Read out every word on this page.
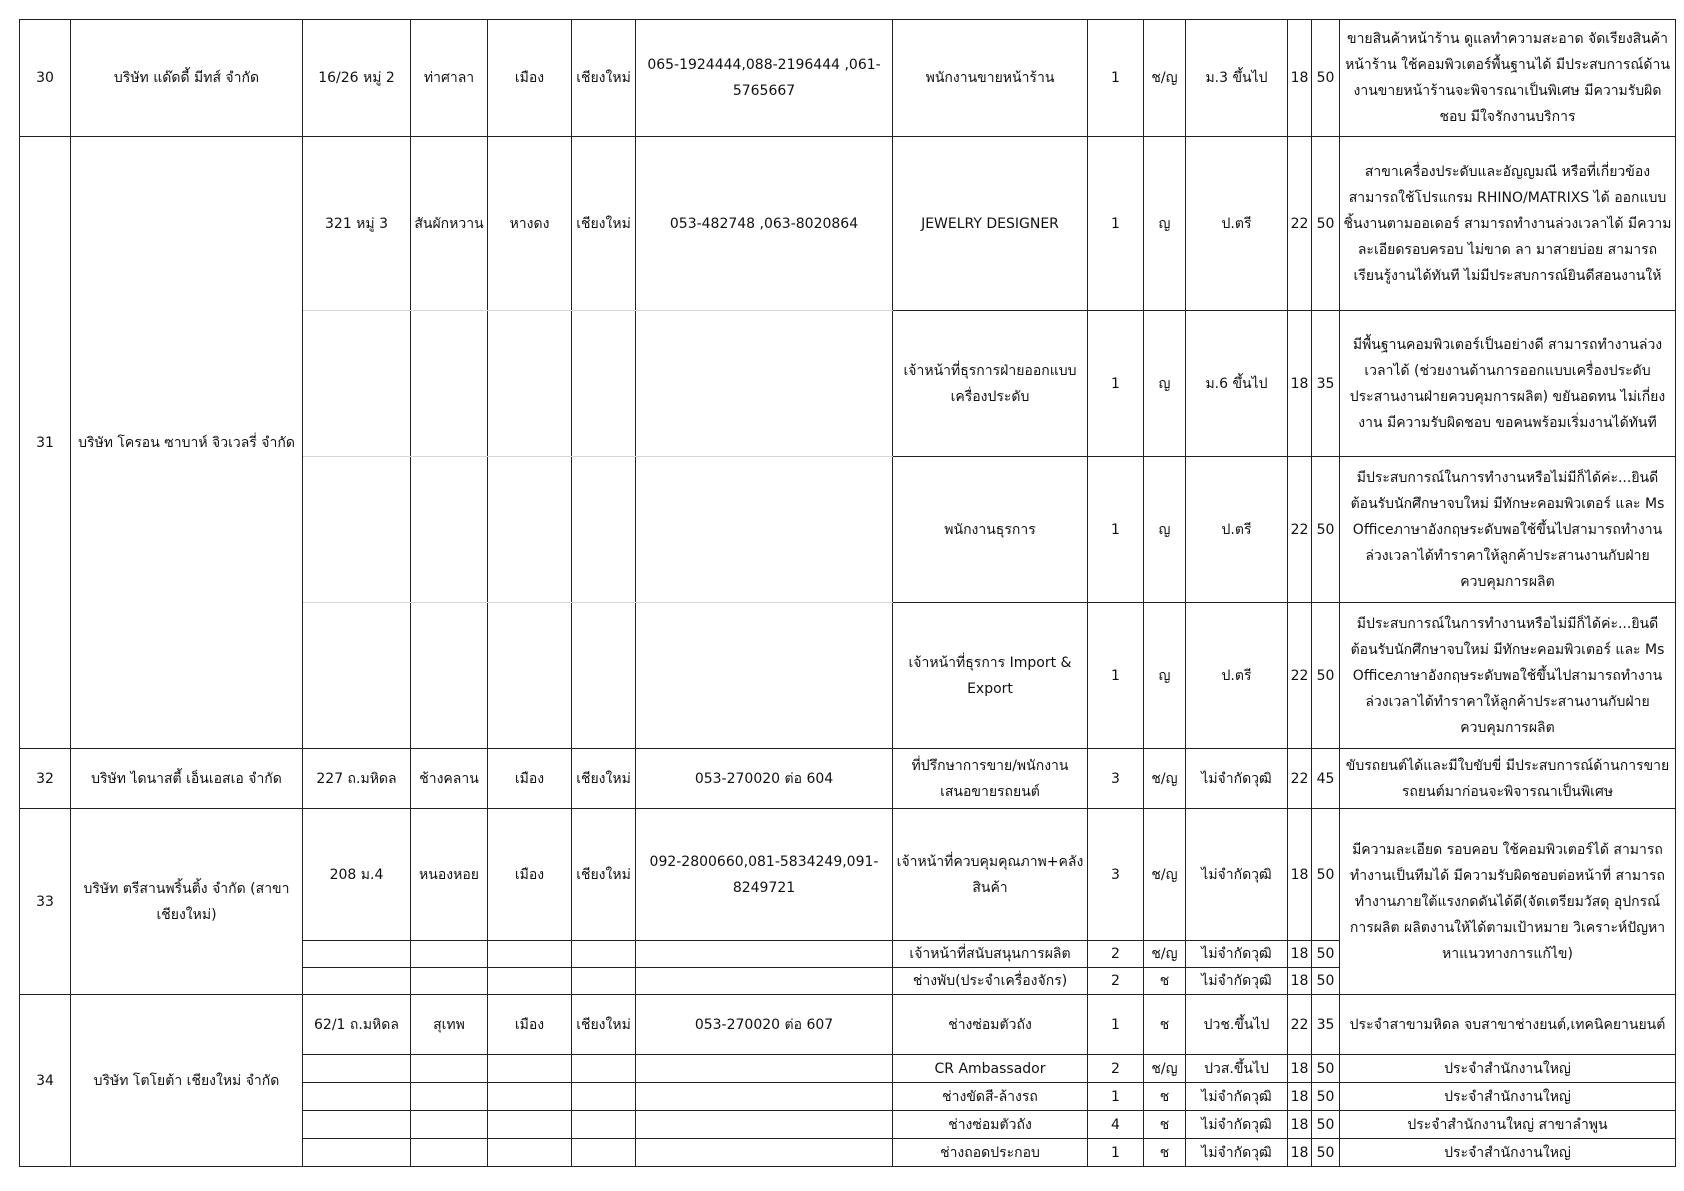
30	บริษัท แด๊ดดี้ มีทส์ จำกัด	16/26 หมู่ 2	ท่าศาลา	เมือง	เชียงใหม่	065-1924444,088-2196444 ,061-5765667	พนักงานขายหน้าร้าน	1	ช/ญ	ม.3 ขึ้นไป	18	50	ขายสินค้าหน้าร้าน ดูแลทำความสะอาด จัดเรียงสินค้าหน้าร้าน ใช้คอมพิวเตอร์พื้นฐานได้ มีประสบการณ์ด้านงานขายหน้าร้านจะพิจารณาเป็นพิเศษ มีความรับผิดชอบ มีใจรักงานบริการ
31	บริษัท โครอน ซาบาห์ จิวเวลรี่ จำกัด	321 หมู่ 3	สันผักหวาน	หางดง	เชียงใหม่	053-482748 ,063-8020864	JEWELRY DESIGNER	1	ญ	ป.ตรี	22	50	สาขาเครื่องประดับและอัญญมณี หรือที่เกี่ยวข้อง สามารถใช้โปรแกรม RHINO/MATRIXS ได้ ออกแบบชิ้นงานตามออเดอร์ สามารถทำงานล่วงเวลาได้ มีความละเอียดรอบครอบ ไม่ขาด ลา มาสายบ่อย สามารถเรียนรู้งานได้ทันที ไม่มีประสบการณ์ยินดีสอนงานให้
							เจ้าหน้าที่ธุรการฝ่ายออกแบบเครื่องประดับ	1	ญ	ม.6 ขึ้นไป	18	35	มีพื้นฐานคอมพิวเตอร์เป็นอย่างดี สามารถทำงานล่วงเวลาได้ (ช่วยงานด้านการออกแบบเครื่องประดับประสานงานฝ่ายควบคุมการผลิต) ขยันอดทน ไม่เกี่ยงงาน มีความรับผิดชอบ ขอคนพร้อมเริ่มงานได้ทันที
							พนักงานธุรการ	1	ญ	ป.ตรี	22	50	มีประสบการณ์ในการทำงานหรือไม่มีก็ได้ค่ะ...ยินดีต้อนรับนักศึกษาจบใหม่ มีทักษะคอมพิวเตอร์ และ Ms Officeภาษาอังกฤษระดับพอใช้ขึ้นไปสามารถทำงานล่วงเวลาได้ทำราคาให้ลูกค้าประสานงานกับฝ่ายควบคุมการผลิต
							เจ้าหน้าที่ธุรการ Import & Export	1	ญ	ป.ตรี	22	50	มีประสบการณ์ในการทำงานหรือไม่มีก็ได้ค่ะ...ยินดีต้อนรับนักศึกษาจบใหม่ มีทักษะคอมพิวเตอร์ และ Ms Officeภาษาอังกฤษระดับพอใช้ขึ้นไปสามารถทำงานล่วงเวลาได้ทำราคาให้ลูกค้าประสานงานกับฝ่ายควบคุมการผลิต
32	บริษัท ไดนาสตี้ เอ็นเอสเอ จำกัด	227 ถ.มหิดล	ช้างคลาน	เมือง	เชียงใหม่	053-270020 ต่อ 604	ที่ปรึกษาการขาย/พนักงานเสนอขายรถยนต์	3	ช/ญ	ไม่จำกัดวุฒิ	22	45	ขับรถยนต์ได้และมีใบขับขี่ มีประสบการณ์ด้านการขายรถยนต์มาก่อนจะพิจารณาเป็นพิเศษ
33	บริษัท ตรีสานพริ้นติ้ง จำกัด (สาขาเชียงใหม่)	208 ม.4	หนองหอย	เมือง	เชียงใหม่	092-2800660,081-5834249,091-8249721	เจ้าหน้าที่ควบคุมคุณภาพ+คลังสินค้า	3	ช/ญ	ไม่จำกัดวุฒิ	18	50	มีความละเอียด รอบคอบ ใช้คอมพิวเตอร์ได้ สามารถทำงานเป็นทีมได้ มีความรับผิดชอบต่อหน้าที่ สามารถทำงานภายใต้แรงกดดันได้ดี(จัดเตรียมวัสดุ อุปกรณ์การผลิต ผลิตงานให้ได้ตามเป้าหมาย วิเคราะห์ปัญหาหาแนวทางการแก้ไข)
							เจ้าหน้าที่สนับสนุนการผลิต	2	ช/ญ	ไม่จำกัดวุฒิ	18	50	
							ช่างพับ(ประจำเครื่องจักร)	2	ช	ไม่จำกัดวุฒิ	18	50	
34	บริษัท โตโยต้า เชียงใหม่ จำกัด	62/1 ถ.มหิดล	สุเทพ	เมือง	เชียงใหม่	053-270020 ต่อ 607	ช่างซ่อมตัวถัง	1	ช	ปวช.ขึ้นไป	22	35	ประจำสาขามหิดล จบสาขาช่างยนต์,เทคนิคยานยนต์
							CR Ambassador	2	ช/ญ	ปวส.ขึ้นไป	18	50	ประจำสำนักงานใหญ่
							ช่างขัดสี-ล้างรถ	1	ช	ไม่จำกัดวุฒิ	18	50	ประจำสำนักงานใหญ่
							ช่างซ่อมตัวถัง	4	ช	ไม่จำกัดวุฒิ	18	50	ประจำสำนักงานใหญ่ สาขาลำพูน
							ช่างถอดประกอบ	1	ช	ไม่จำกัดวุฒิ	18	50	ประจำสำนักงานใหญ่
